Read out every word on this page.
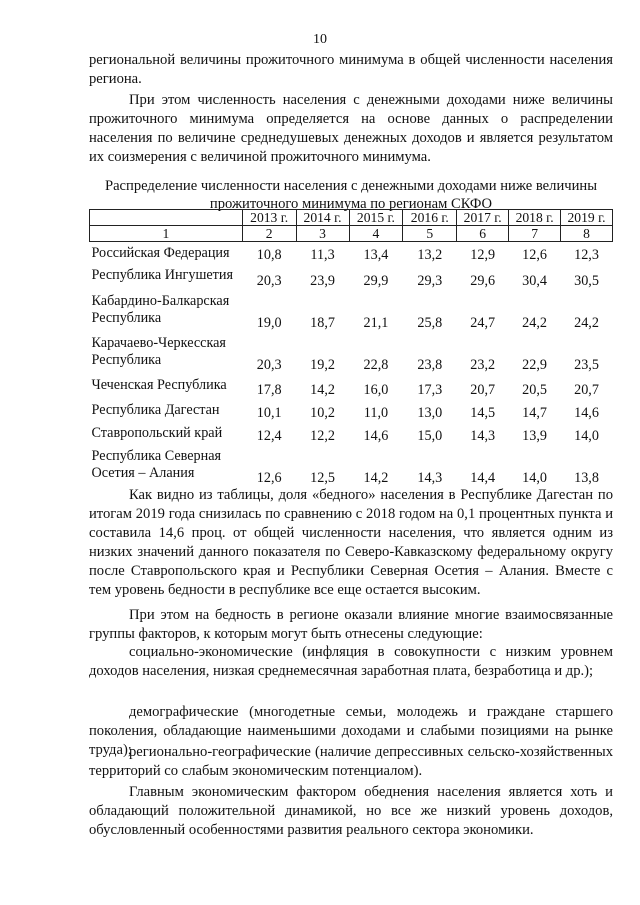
10

региональной величины прожиточного минимума в общей численности населения региона.

При этом численность населения с денежными доходами ниже величины прожиточного минимума определяется на основе данных о распределении населения по величине среднедушевых денежных доходов и является результатом их соизмерения с величиной прожиточного минимума.

Распределение численности населения с денежными доходами ниже величины прожиточного минимума по регионам СКФО

	2013 г.	2014 г.	2015 г.	2016 г.	2017 г.	2018 г.	2019 г.
1	2	3	4	5	6	7	8
Российская Федерация	10,8	11,3	13,4	13,2	12,9	12,6	12,3
Республика Ингушетия	20,3	23,9	29,9	29,3	29,6	30,4	30,5
Кабардино-Балкарская Республика	19,0	18,7	21,1	25,8	24,7	24,2	24,2
Карачаево-Черкесская Республика	20,3	19,2	22,8	23,8	23,2	22,9	23,5
Чеченская Республика	17,8	14,2	16,0	17,3	20,7	20,5	20,7
Республика Дагестан	10,1	10,2	11,0	13,0	14,5	14,7	14,6
Ставропольский край	12,4	12,2	14,6	15,0	14,3	13,9	14,0
Республика Северная Осетия – Алания	12,6	12,5	14,2	14,3	14,4	14,0	13,8

Как видно из таблицы, доля «бедного» населения в Республике Дагестан по итогам 2019 года снизилась по сравнению с 2018 годом на 0,1 процентных пункта и составила 14,6 проц. от общей численности населения, что является одним из низких значений данного показателя по Северо-Кавказскому федеральному округу после Ставропольского края и Республики Северная Осетия – Алания. Вместе с тем уровень бедности в республике все еще остается высоким.

При этом на бедность в регионе оказали влияние многие взаимосвязанные группы факторов, к которым могут быть отнесены следующие:

социально-экономические (инфляция в совокупности с низким уровнем доходов населения, низкая среднемесячная заработная плата, безработица и др.);

демографические (многодетные семьи, молодежь и граждане старшего поколения, обладающие наименьшими доходами и слабыми позициями на рынке труда);

регионально-географические (наличие депрессивных сельско-хозяйственных территорий со слабым экономическим потенциалом).

Главным экономическим фактором обеднения населения является хоть и обладающий положительной динамикой, но все же низкий уровень доходов, обусловленный особенностями развития реального сектора экономики.
